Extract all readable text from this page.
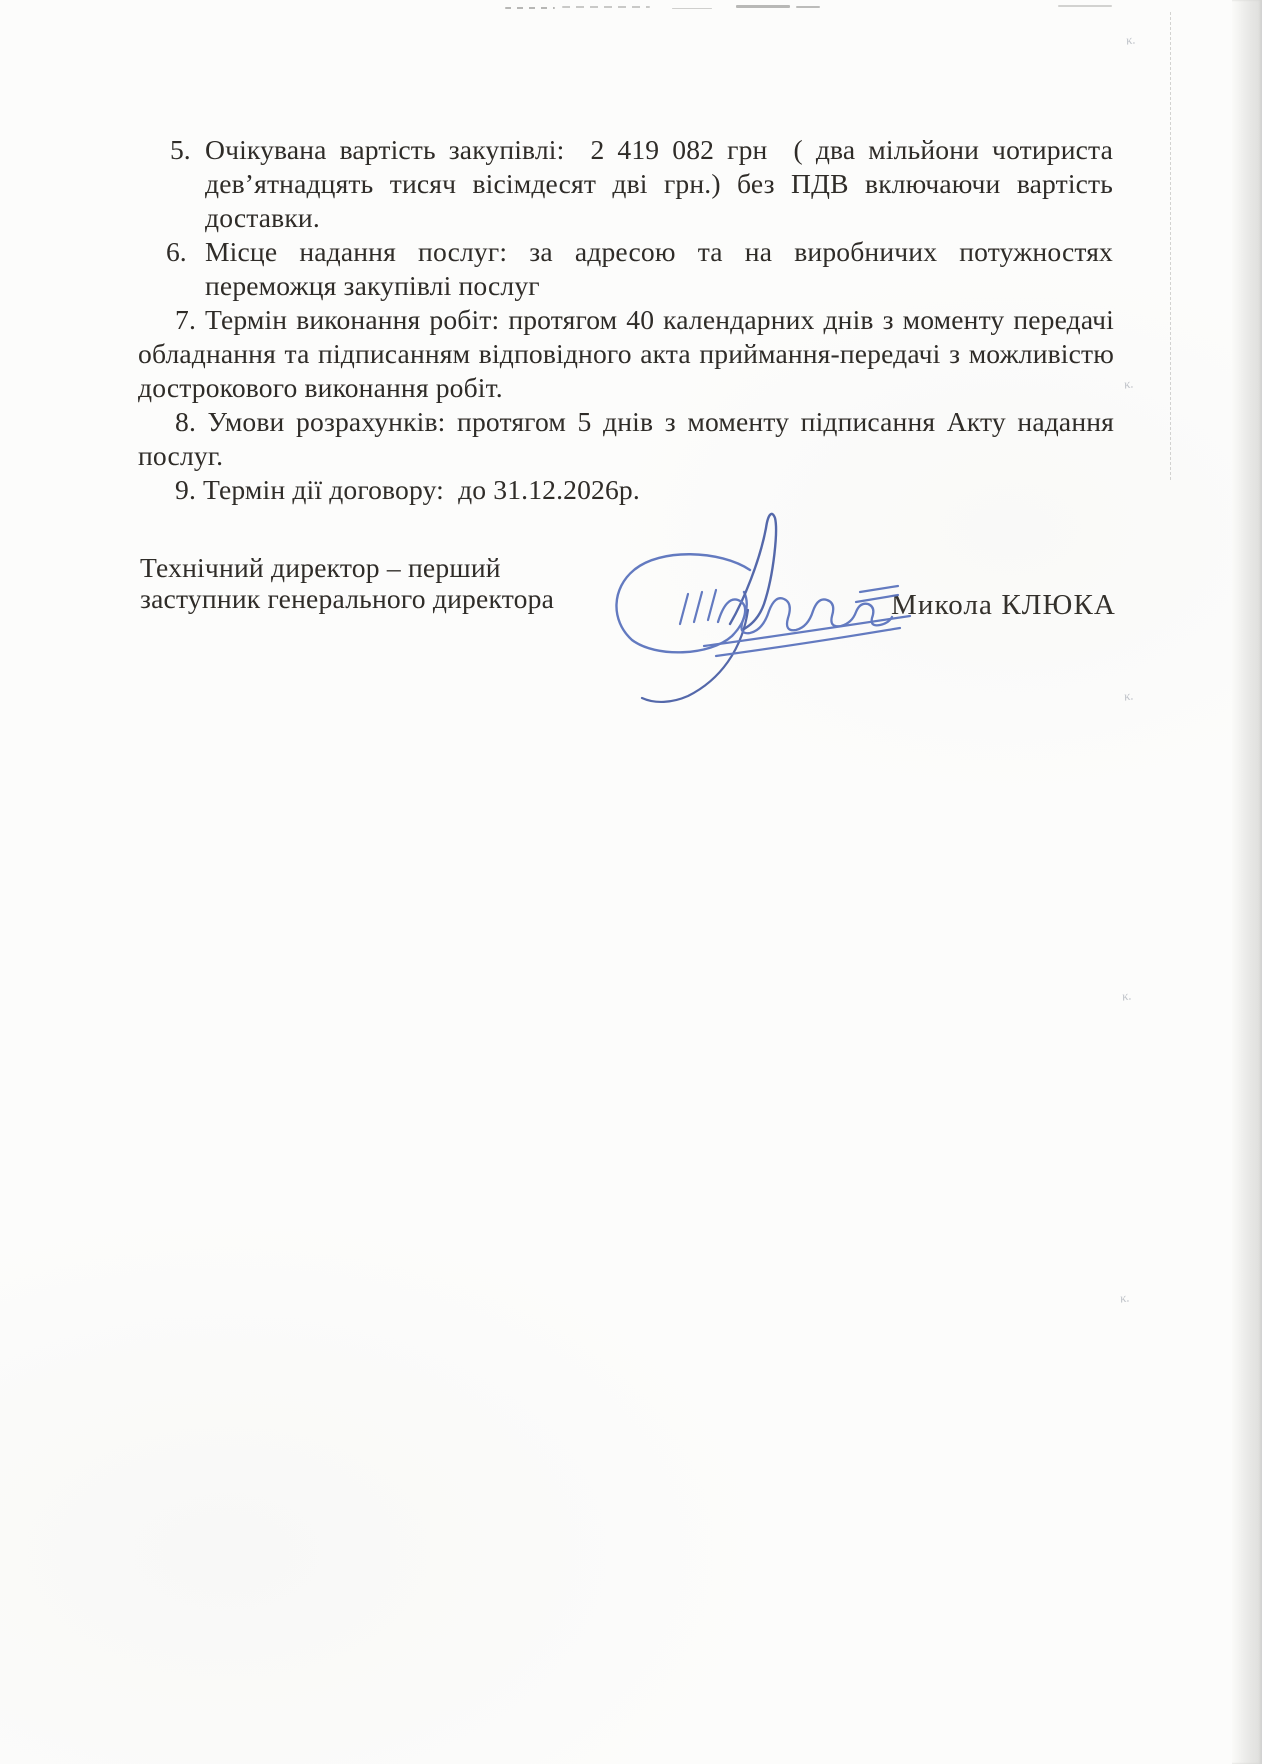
5. Очікувана вартість закупівлі:  2 419 082 грн  ( два мільйони чотириста
дев’ятнадцять тисяч вісімдесят дві грн.) без ПДВ включаючи вартість
доставки.
6. Місце надання послуг: за адресою та на виробничих потужностях
переможця закупівлі послуг
7. Термін виконання робіт: протягом 40 календарних днів з моменту передачі
обладнання та підписанням відповідного акта приймання-передачі з можливістю
дострокового виконання робіт.
8. Умови розрахунків: протягом 5 днів з моменту підписання Акту надання
послуг.
9. Термін дії договору:  до 31.12.2026р.
Технічний директор – перший
заступник генерального директора	Микола КЛЮКА
к.
к.
к.
к.
к.
